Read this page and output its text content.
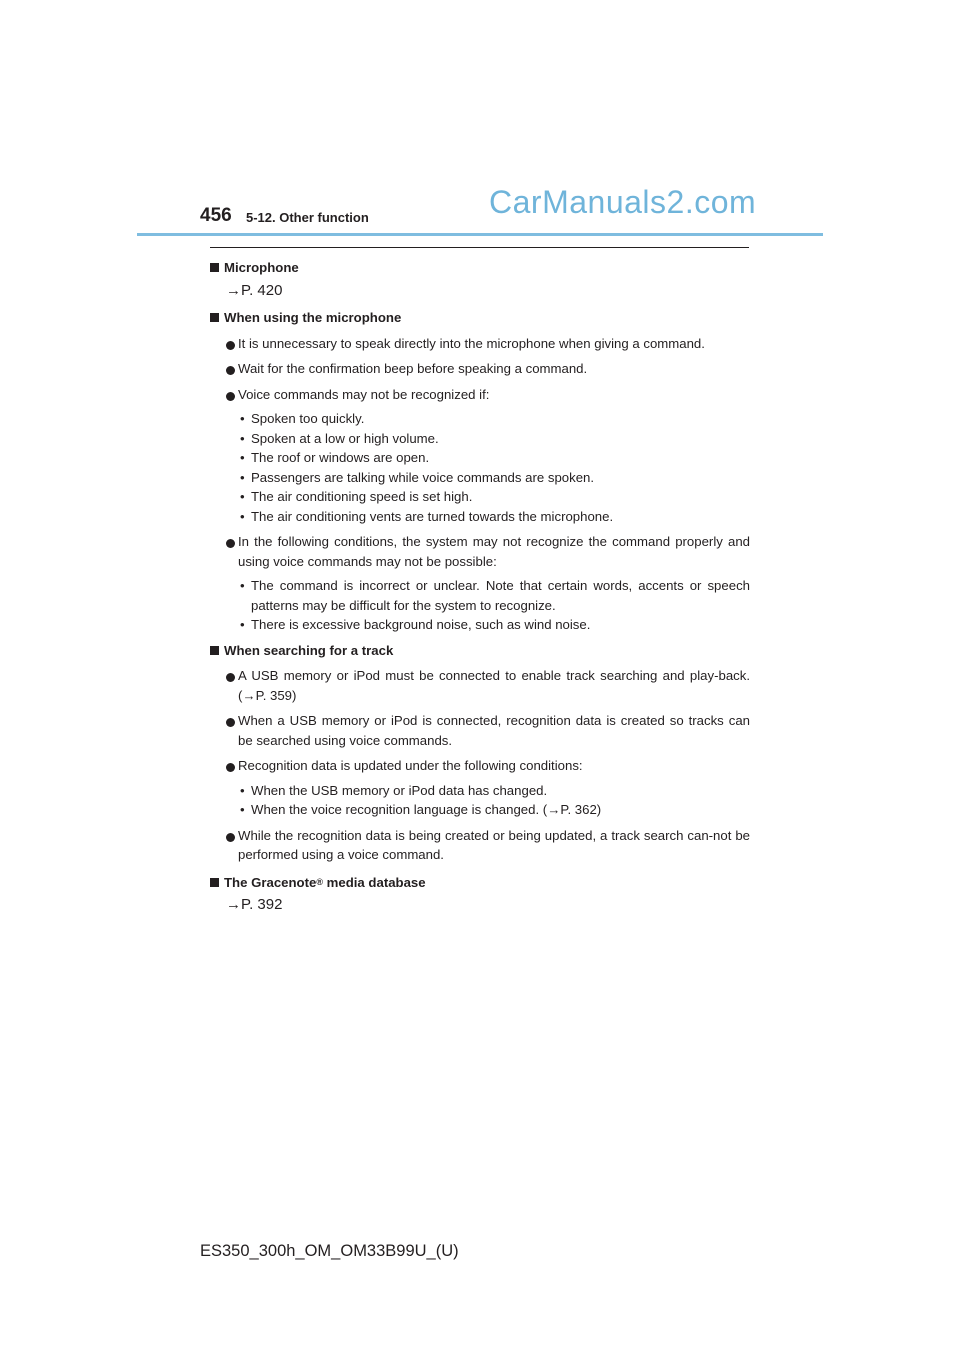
456 5-12. Other function	CarManuals2.com
Microphone
→P. 420
When using the microphone
It is unnecessary to speak directly into the microphone when giving a command.
Wait for the confirmation beep before speaking a command.
Voice commands may not be recognized if:
• Spoken too quickly.
• Spoken at a low or high volume.
• The roof or windows are open.
• Passengers are talking while voice commands are spoken.
• The air conditioning speed is set high.
• The air conditioning vents are turned towards the microphone.
In the following conditions, the system may not recognize the command properly and using voice commands may not be possible:
• The command is incorrect or unclear. Note that certain words, accents or speech patterns may be difficult for the system to recognize.
• There is excessive background noise, such as wind noise.
When searching for a track
A USB memory or iPod must be connected to enable track searching and play-back. (→P. 359)
When a USB memory or iPod is connected, recognition data is created so tracks can be searched using voice commands.
Recognition data is updated under the following conditions:
• When the USB memory or iPod data has changed.
• When the voice recognition language is changed. (→P. 362)
While the recognition data is being created or being updated, a track search can-not be performed using a voice command.
The Gracenote ® media database
→P. 392
ES350_300h_OM_OM33B99U_(U)
